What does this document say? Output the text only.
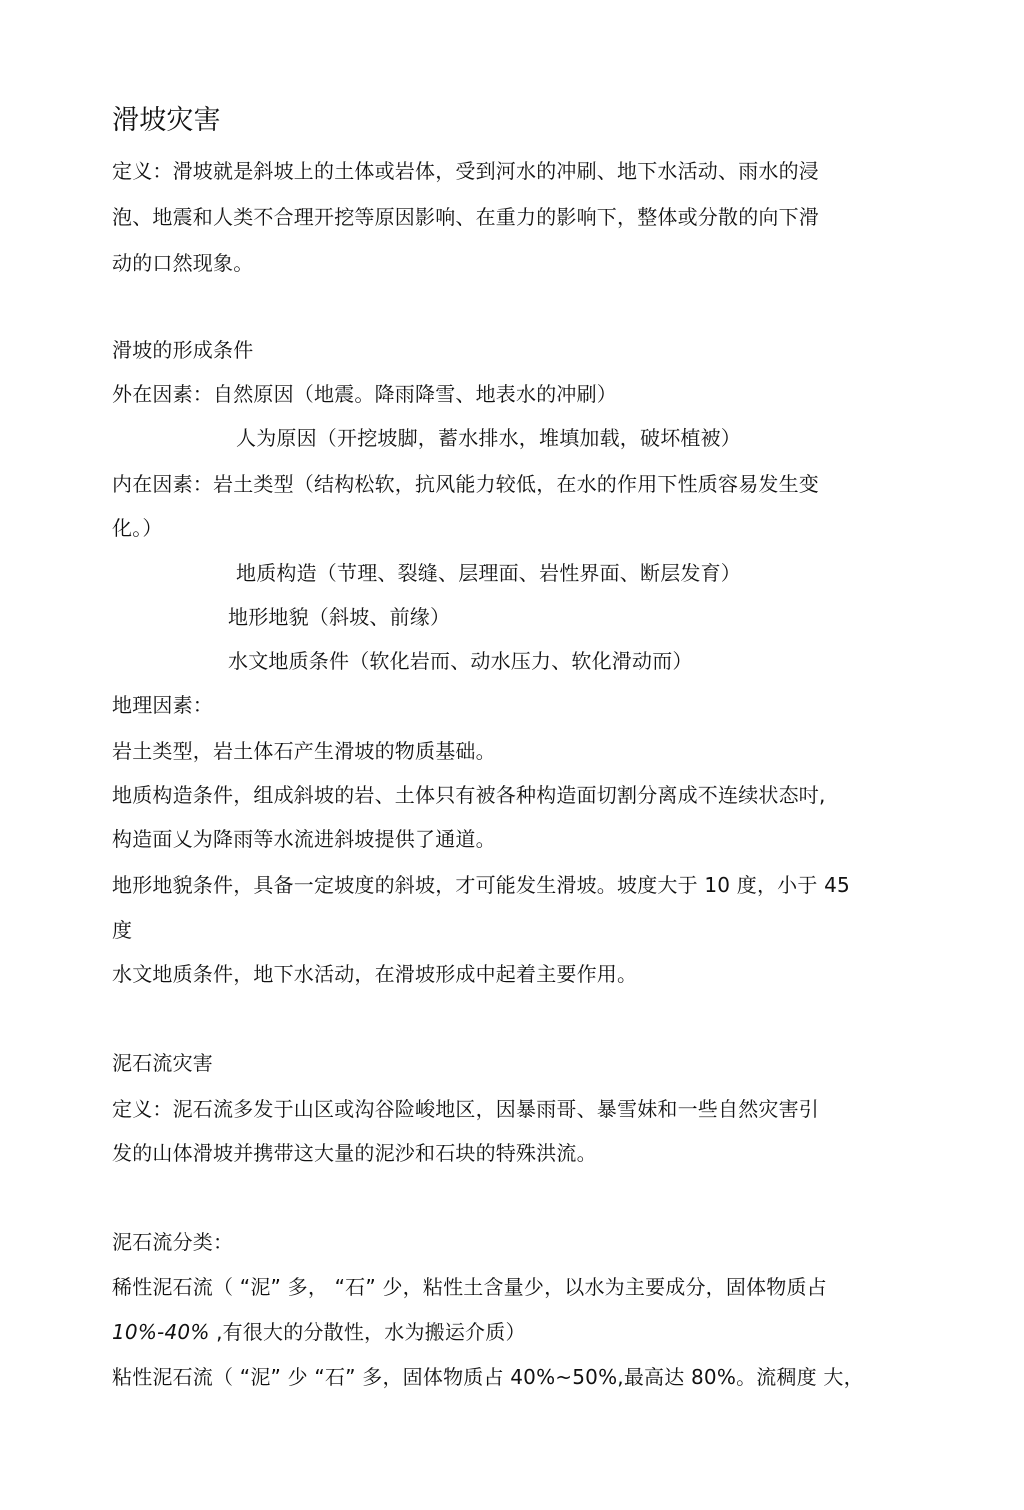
滑坡灾害
定义：滑坡就是斜坡上的土体或岩体，受到河水的冲刷、地下水活动、雨水的浸
泡、地震和人类不合理开挖等原因影响、在重力的影响下，整体或分散的向下滑
动的口然现象。
滑坡的形成条件
外在因素：自然原因（地震。降雨降雪、地表水的冲刷）
人为原因（开挖坡脚，蓄水排水，堆填加载，破坏植被）
内在因素：岩土类型（结构松软，抗风能力较低，在水的作用下性质容易发生变
化。）
地质构造（节理、裂缝、层理面、岩性界面、断层发育）
地形地貌（斜坡、前缘）
水文地质条件（软化岩而、动水压力、软化滑动而）
地理因素：
岩土类型，岩土体石产生滑坡的物质基础。
地质构造条件，组成斜坡的岩、土体只有被各种构造面切割分离成不连续状态吋,
构造面乂为降雨等水流进斜坡提供了通道。
地形地貌条件，具备一定坡度的斜坡，才可能发生滑坡。坡度大于 10 度，小于 45
度
水文地质条件，地下水活动，在滑坡形成中起着主要作用。
泥石流灾害
定义：泥石流多发于山区或沟谷险峻地区，因暴雨哥、暴雪妹和一些自然灾害引
发的山体滑坡并携带这大量的泥沙和石块的特殊洪流。
泥石流分类：
稀性泥石流（ “泥” 多， “石” 少，粘性土含量少，以水为主要成分，固体物质占
10%-40% ,有很大的分散性，水为搬运介质）
粘性泥石流（ “泥” 少 “石” 多，固体物质占 40%~50%,最高达 80%。流稠度 大，
